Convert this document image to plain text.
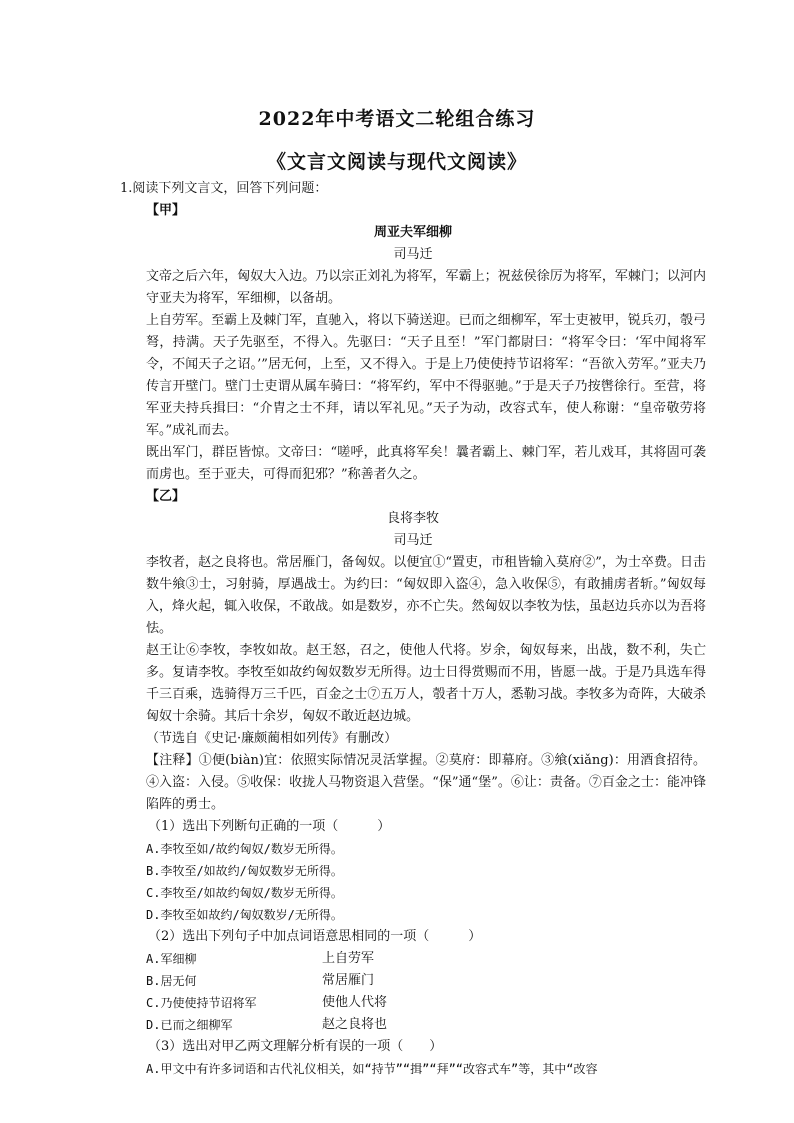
2022年中考语文二轮组合练习
《文言文阅读与现代文阅读》

1.阅读下列文言文，回答下列问题：

【甲】

周亚夫军细柳

司马迁

文帝之后六年，匈奴大入边。乃以宗正刘礼为将军，军霸上；祝兹侯徐厉为将军，军棘门；以河内守亚夫为将军，军细柳，以备胡。

上自劳军。至霸上及棘门军，直驰入，将以下骑送迎。已而之细柳军，军士吏被甲，锐兵刃，彀弓弩，持满。天子先驱至，不得入。先驱曰：“天子且至！”军门都尉曰：“将军令曰：‘军中闻将军令，不闻天子之诏。’”居无何，上至，又不得入。于是上乃使使持节诏将军：“吾欲入劳军。”亚夫乃传言开壁门。壁门士吏谓从属车骑曰：“将军约，军中不得驱驰。”于是天子乃按辔徐行。至营，将军亚夫持兵揖曰：“介胄之士不拜，请以军礼见。”天子为动，改容式车，使人称谢：“皇帝敬劳将军。”成礼而去。

既出军门，群臣皆惊。文帝曰：“嗟呼，此真将军矣！曩者霸上、棘门军，若儿戏耳，其将固可袭而虏也。至于亚夫，可得而犯邪？”称善者久之。

【乙】

良将李牧

司马迁

李牧者，赵之良将也。常居雁门，备匈奴。以便宜①“置吏，市租皆输入莫府②”，为士卒费。日击数牛飨③士，习射骑，厚遇战士。为约曰：“匈奴即入盗④，急入收保⑤，有敢捕虏者斩。”匈奴每入，烽火起，辄入收保，不敢战。如是数岁，亦不亡失。然匈奴以李牧为怯，虽赵边兵亦以为吾将怯。

赵王让⑥李牧，李牧如故。赵王怒，召之，使他人代将。岁余，匈奴每来，出战，数不利，失亡多。复请李牧。李牧至如故约匈奴数岁无所得。边士日得赏赐而不用，皆愿一战。于是乃具选车得千三百乘，选骑得万三千匹，百金之士⑦五万人，彀者十万人，悉勒习战。李牧多为奇阵，大破杀匈奴十余骑。其后十余岁，匈奴不敢近赵边城。

（节选自《史记·廉颇蔺相如列传》有删改）

【注释】①便(biàn)宜：依照实际情况灵活掌握。②莫府：即幕府。③飨(xiǎng)：用酒食招待。④入盗：入侵。⑤收保：收拢人马物资退入营堡。“保”通“堡”。⑥让：责备。⑦百金之士：能冲锋陷阵的勇士。

（1）选出下列断句正确的一项（　　　）

A.李牧至如/故约匈奴/数岁无所得。

B.李牧至/如故约/匈奴数岁无所得。

C.李牧至/如故约匈奴/数岁无所得。

D.李牧至如故约/匈奴数岁/无所得。

（2）选出下列句子中加点词语意思相同的一项（　　　）

A.军细柳	上自劳军
B.居无何	常居雁门
C.乃使使持节诏将军	使他人代将
D.已而之细柳军	赵之良将也

（3）选出对甲乙两文理解分析有误的一项（　　）

A.甲文中有许多词语和古代礼仪相关，如“持节”“揖”“拜”“改容式车”等，其中“改容
